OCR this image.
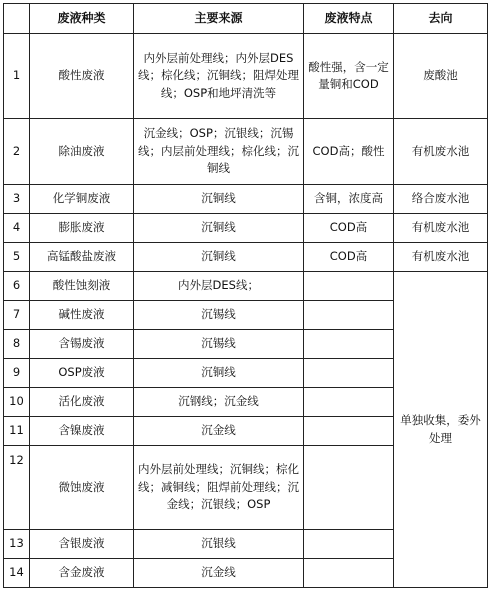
	废液种类	主要来源	废液特点	去向
1	酸性废液	内外层前处理线；内外层DES线；棕化线；沉铜线；阻焊处理线；OSP和地坪清洗等	酸性强，含一定量铜和COD	废酸池
2	除油废液	沉金线；OSP；沉银线；沉锡线；内层前处理线；棕化线；沉铜线	COD高；酸性	有机废水池
3	化学铜废液	沉铜线	含铜，浓度高	络合废水池
4	膨胀废液	沉铜线	COD高	有机废水池
5	高锰酸盐废液	沉铜线	COD高	有机废水池
6	酸性蚀刻液	内外层DES线；		单独收集，委外处理
7	碱性废液	沉锡线		
8	含锡废液	沉锡线		
9	OSP废液	沉铜线		
10	活化废液	沉钢线；沉金线		
11	含镍废液	沉金线		
12	微蚀废液	内外层前处理线；沉铜线；棕化线；减铜线；阻焊前处理线；沉金线；沉银线；OSP		
13	含银废液	沉银线		
14	含金废液	沉金线		
